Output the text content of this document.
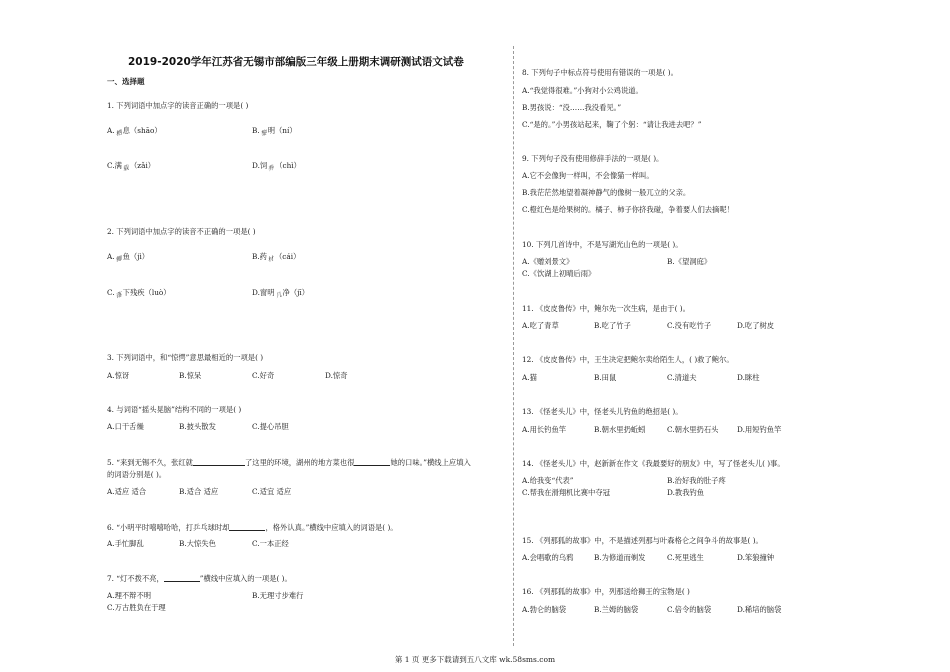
2019-2020学年江苏省无锡市部编版三年级上册期末调研测试语文试卷
一、选择题
1. 下列词语中加点字的读音正确的一项是( )
A.栖息（shāo）	B.黎明（ní）
C.满载（zǎi）	D.饲养（chì）
2. 下列词语中加点字的读音不正确的一项是( )
A.鲫鱼（jì）	B.药材（cái）
C.落下残疾（luò）	D.窗明几净（jī）
3. 下列词语中，和“惊愕”意思最相近的一项是( )
A.惊讶	B.惊呆	C.好奇	D.惊奇
4. 与词语“摇头晃脑”结构不同的一项是( )
A.口干舌燥	B.披头散发	C.提心吊胆
5. “来到无锡不久，张红就	了这里的环境，湖州的地方菜也很	她的口味。”横线上应填入
的词语分别是( )。
A.适应 适合	B.适合 适应	C.适宜 适应
6. “小明平时嘻嘻哈哈，打乒乓球时却	，格外认真。”横线中应填入的词语是( )。
A.手忙脚乱	B.大惊失色	C.一本正经
7. “灯不拨不亮，	”横线中应填入的一项是( )。
A.理不辩不明	B.无理寸步难行
C.万古胜负在于理
8. 下列句子中标点符号使用有错误的一项是( )。
A.“我觉得很难。”小狗对小公鸡说道。
B.男孩说：“没……我没看见。”
C.“是的。”小男孩站起来，鞠了个躬：“请让我进去吧？”
9. 下列句子没有使用修辞手法的一项是( )。
A.它不会像狗一样叫，不会像猫一样叫。
B.我茫茫然地望着凝神静气的像树一般兀立的父亲。
C.橙红色是给果树的。橘子、柿子你挤我碰，争着要人们去摘呢！
10. 下列几首诗中，不是写湖光山色的一项是( )。
A.《赠刘景文》	B.《望洞庭》
C.《饮湖上初晴后雨》
11. 《皮皮鲁传》中，鲍尔先一次生病，是由于( )。
A.吃了青草	B.吃了竹子	C.没有吃竹子	D.吃了树皮
12. 《皮皮鲁传》中，王生决定把鲍尔卖给陌生人，( )救了鲍尔。
A.猫	B.田鼠	C.清道夫	D.眯柱
13. 《怪老头儿》中，怪老头儿钓鱼的绝招是( )。
A.用长钓鱼竿	B.朝水里扔蚯蚓	C.朝水里扔石头	D.用短钓鱼竿
14. 《怪老头儿》中，赵新新在作文《我最要好的朋友》中，写了怪老头儿( )事。
A.给我变“代表”	B.治好我的肚子疼
C.帮我在滑翔机比赛中夺冠	D.教我钓鱼
15. 《列那狐的故事》中，不是描述列那与叶森格仑之间争斗的故事是( )。
A.会唱歌的乌鸦	B.为修道而剃发	C.死里逃生	D.笨狼撞钟
16. 《列那狐的故事》中，列那送给狮王的宝物是( )
A.勃仑的脑袋	B.兰姆的脑袋	C.倍令的脑袋	D.稀培的脑袋
第 1 页 更多下载请到五八文库 wk.58sms.com
